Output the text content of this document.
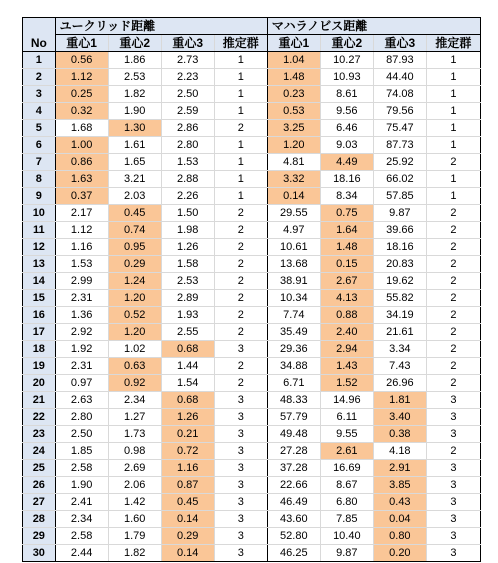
No	ユークリッド距離				マハラノビス距離			
	重心1	重心2	重心3	推定群	重心1	重心2	重心3	推定群
1	0.56	1.86	2.73	1	1.04	10.27	87.93	1
2	1.12	2.53	2.23	1	1.48	10.93	44.40	1
3	0.25	1.82	2.50	1	0.23	8.61	74.08	1
4	0.32	1.90	2.59	1	0.53	9.56	79.56	1
5	1.68	1.30	2.86	2	3.25	6.46	75.47	1
6	1.00	1.61	2.80	1	1.20	9.03	87.73	1
7	0.86	1.65	1.53	1	4.81	4.49	25.92	2
8	1.63	3.21	2.88	1	3.32	18.16	66.02	1
9	0.37	2.03	2.26	1	0.14	8.34	57.85	1
10	2.17	0.45	1.50	2	29.55	0.75	9.87	2
11	1.12	0.74	1.98	2	4.97	1.64	39.66	2
12	1.16	0.95	1.26	2	10.61	1.48	18.16	2
13	1.53	0.29	1.58	2	13.68	0.15	20.83	2
14	2.99	1.24	2.53	2	38.91	2.67	19.62	2
15	2.31	1.20	2.89	2	10.34	4.13	55.82	2
16	1.36	0.52	1.93	2	7.74	0.88	34.19	2
17	2.92	1.20	2.55	2	35.49	2.40	21.61	2
18	1.92	1.02	0.68	3	29.36	2.94	3.34	2
19	2.31	0.63	1.44	2	34.88	1.43	7.43	2
20	0.97	0.92	1.54	2	6.71	1.52	26.96	2
21	2.63	2.34	0.68	3	48.33	14.96	1.81	3
22	2.80	1.27	1.26	3	57.79	6.11	3.40	3
23	2.50	1.73	0.21	3	49.48	9.55	0.38	3
24	1.85	0.98	0.72	3	27.28	2.61	4.18	2
25	2.58	2.69	1.16	3	37.28	16.69	2.91	3
26	1.90	2.06	0.87	3	22.66	8.67	3.85	3
27	2.41	1.42	0.45	3	46.49	6.80	0.43	3
28	2.34	1.60	0.14	3	43.60	7.85	0.04	3
29	2.58	1.79	0.29	3	52.80	10.40	0.80	3
30	2.44	1.82	0.14	3	46.25	9.87	0.20	3
